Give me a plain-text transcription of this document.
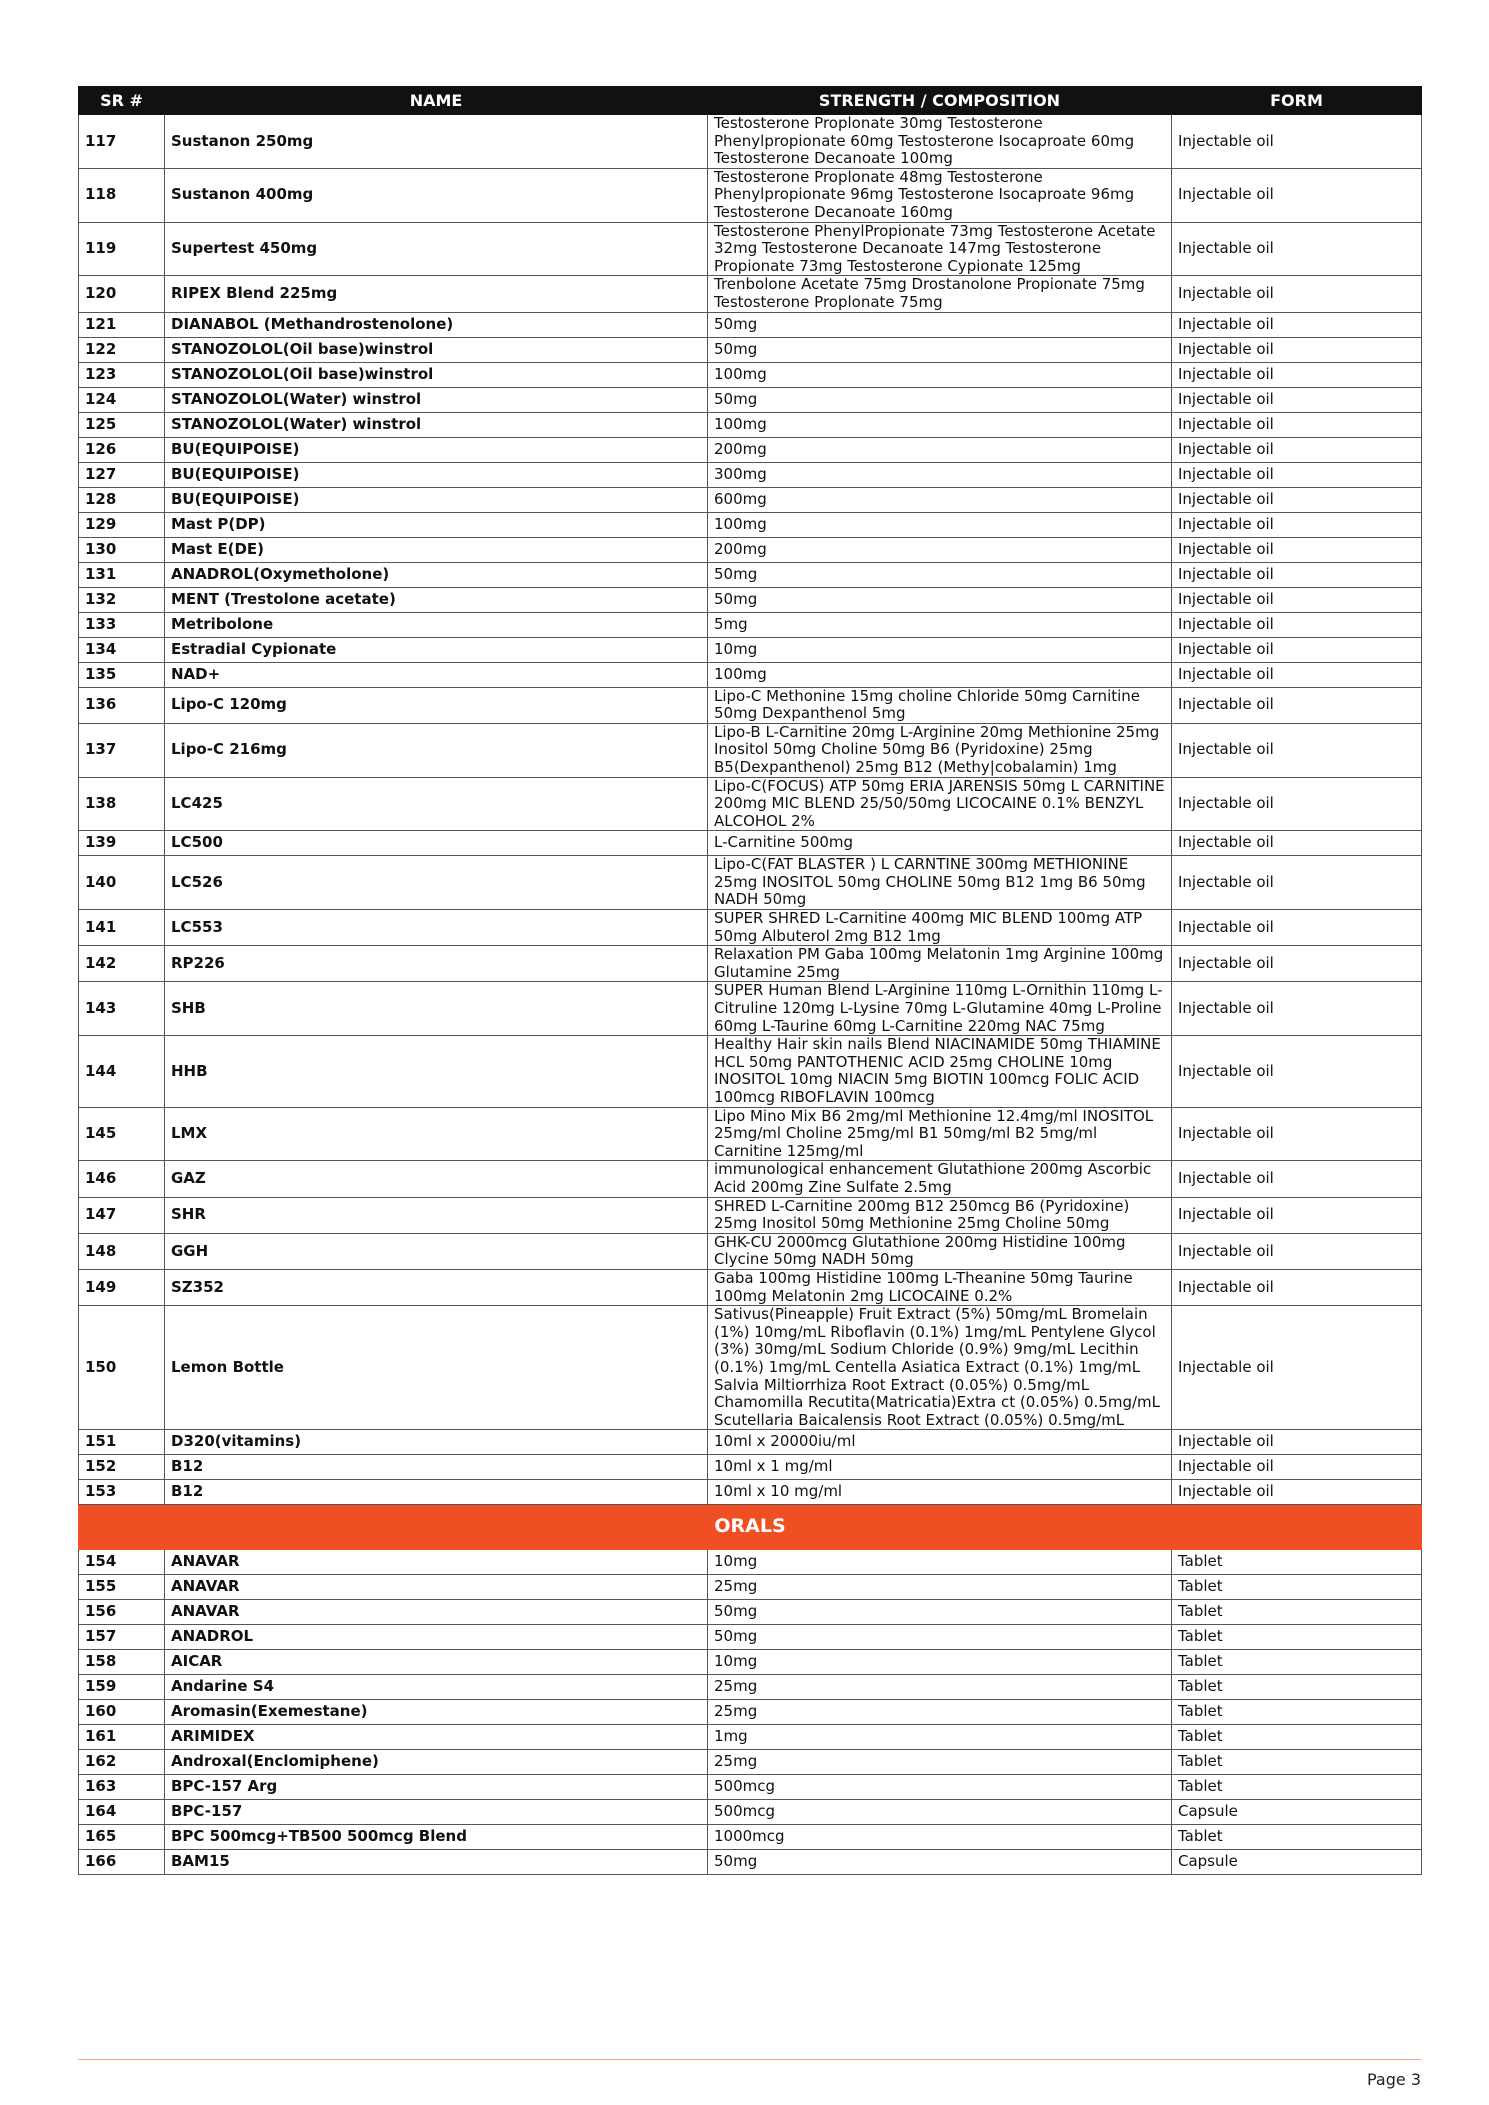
SR #	NAME	STRENGTH / COMPOSITION	FORM
117	Sustanon 250mg	Testosterone Proplonate 30mg Testosterone Phenylpropionate 60mg Testosterone Isocaproate 60mg Testosterone Decanoate 100mg	Injectable oil
118	Sustanon 400mg	Testosterone Proplonate 48mg Testosterone Phenylpropionate 96mg Testosterone Isocaproate 96mg Testosterone Decanoate 160mg	Injectable oil
119	Supertest 450mg	Testosterone PhenylPropionate 73mg Testosterone Acetate 32mg Testosterone Decanoate 147mg Testosterone Propionate 73mg Testosterone Cypionate 125mg	Injectable oil
120	RIPEX Blend 225mg	Trenbolone Acetate 75mg Drostanolone Propionate 75mg Testosterone Proplonate 75mg	Injectable oil
121	DIANABOL (Methandrostenolone)	50mg	Injectable oil
122	STANOZOLOL(Oil base)winstrol	50mg	Injectable oil
123	STANOZOLOL(Oil base)winstrol	100mg	Injectable oil
124	STANOZOLOL(Water) winstrol	50mg	Injectable oil
125	STANOZOLOL(Water) winstrol	100mg	Injectable oil
126	BU(EQUIPOISE)	200mg	Injectable oil
127	BU(EQUIPOISE)	300mg	Injectable oil
128	BU(EQUIPOISE)	600mg	Injectable oil
129	Mast P(DP)	100mg	Injectable oil
130	Mast E(DE)	200mg	Injectable oil
131	ANADROL(Oxymetholone)	50mg	Injectable oil
132	MENT (Trestolone acetate)	50mg	Injectable oil
133	Metribolone	5mg	Injectable oil
134	Estradial Cypionate	10mg	Injectable oil
135	NAD+	100mg	Injectable oil
136	Lipo-C 120mg	Lipo-C Methonine 15mg choline Chloride 50mg Carnitine 50mg Dexpanthenol 5mg	Injectable oil
137	Lipo-C 216mg	Lipo-B L-Carnitine 20mg L-Arginine 20mg Methionine 25mg Inositol 50mg Choline 50mg B6 (Pyridoxine) 25mg B5(Dexpanthenol) 25mg B12 (Methy|cobalamin) 1mg	Injectable oil
138	LC425	Lipo-C(FOCUS) ATP 50mg ERIA JARENSIS 50mg L CARNITINE 200mg MIC BLEND 25/50/50mg LICOCAINE 0.1% BENZYL ALCOHOL 2%	Injectable oil
139	LC500	L-Carnitine 500mg	Injectable oil
140	LC526	Lipo-C(FAT BLASTER ) L CARNTINE 300mg METHIONINE 25mg INOSITOL 50mg CHOLINE 50mg B12 1mg B6 50mg NADH 50mg	Injectable oil
141	LC553	SUPER SHRED L-Carnitine 400mg MIC BLEND 100mg ATP 50mg Albuterol 2mg B12 1mg	Injectable oil
142	RP226	Relaxation PM Gaba 100mg Melatonin 1mg Arginine 100mg Glutamine 25mg	Injectable oil
143	SHB	SUPER Human Blend L-Arginine 110mg L-Ornithin 110mg L-Citruline 120mg L-Lysine 70mg L-Glutamine 40mg L-Proline 60mg L-Taurine 60mg L-Carnitine 220mg NAC 75mg	Injectable oil
144	HHB	Healthy Hair skin nails Blend NIACINAMIDE 50mg THIAMINE HCL 50mg PANTOTHENIC ACID 25mg CHOLINE 10mg INOSITOL 10mg NIACIN 5mg BIOTIN 100mcg FOLIC ACID 100mcg RIBOFLAVIN 100mcg	Injectable oil
145	LMX	Lipo Mino Mix B6 2mg/ml Methionine 12.4mg/ml INOSITOL 25mg/ml Choline 25mg/ml B1 50mg/ml B2 5mg/ml Carnitine 125mg/ml	Injectable oil
146	GAZ	immunological enhancement Glutathione 200mg Ascorbic Acid 200mg Zine Sulfate 2.5mg	Injectable oil
147	SHR	SHRED L-Carnitine 200mg B12 250mcg B6 (Pyridoxine) 25mg Inositol 50mg Methionine 25mg Choline 50mg	Injectable oil
148	GGH	GHK-CU 2000mcg Glutathione 200mg Histidine 100mg Clycine 50mg NADH 50mg	Injectable oil
149	SZ352	Gaba 100mg Histidine 100mg L-Theanine 50mg Taurine 100mg Melatonin 2mg LICOCAINE 0.2%	Injectable oil
150	Lemon Bottle	Sativus(Pineapple) Fruit Extract (5%) 50mg/mL Bromelain (1%) 10mg/mL Riboflavin (0.1%) 1mg/mL Pentylene Glycol (3%) 30mg/mL Sodium Chloride (0.9%) 9mg/mL Lecithin (0.1%) 1mg/mL Centella Asiatica Extract (0.1%) 1mg/mL Salvia Miltiorrhiza Root Extract (0.05%) 0.5mg/mL Chamomilla Recutita(Matricatia)Extra ct (0.05%) 0.5mg/mL Scutellaria Baicalensis Root Extract (0.05%) 0.5mg/mL	Injectable oil
151	D320(vitamins)	10ml x 20000iu/ml	Injectable oil
152	B12	10ml x 1 mg/ml	Injectable oil
153	B12	10ml x 10 mg/ml	Injectable oil
ORALS			
154	ANAVAR	10mg	Tablet
155	ANAVAR	25mg	Tablet
156	ANAVAR	50mg	Tablet
157	ANADROL	50mg	Tablet
158	AICAR	10mg	Tablet
159	Andarine S4	25mg	Tablet
160	Aromasin(Exemestane)	25mg	Tablet
161	ARIMIDEX	1mg	Tablet
162	Androxal(Enclomiphene)	25mg	Tablet
163	BPC-157 Arg	500mcg	Tablet
164	BPC-157	500mcg	Capsule
165	BPC 500mcg+TB500 500mcg Blend	1000mcg	Tablet
166	BAM15	50mg	Capsule
Page 3
